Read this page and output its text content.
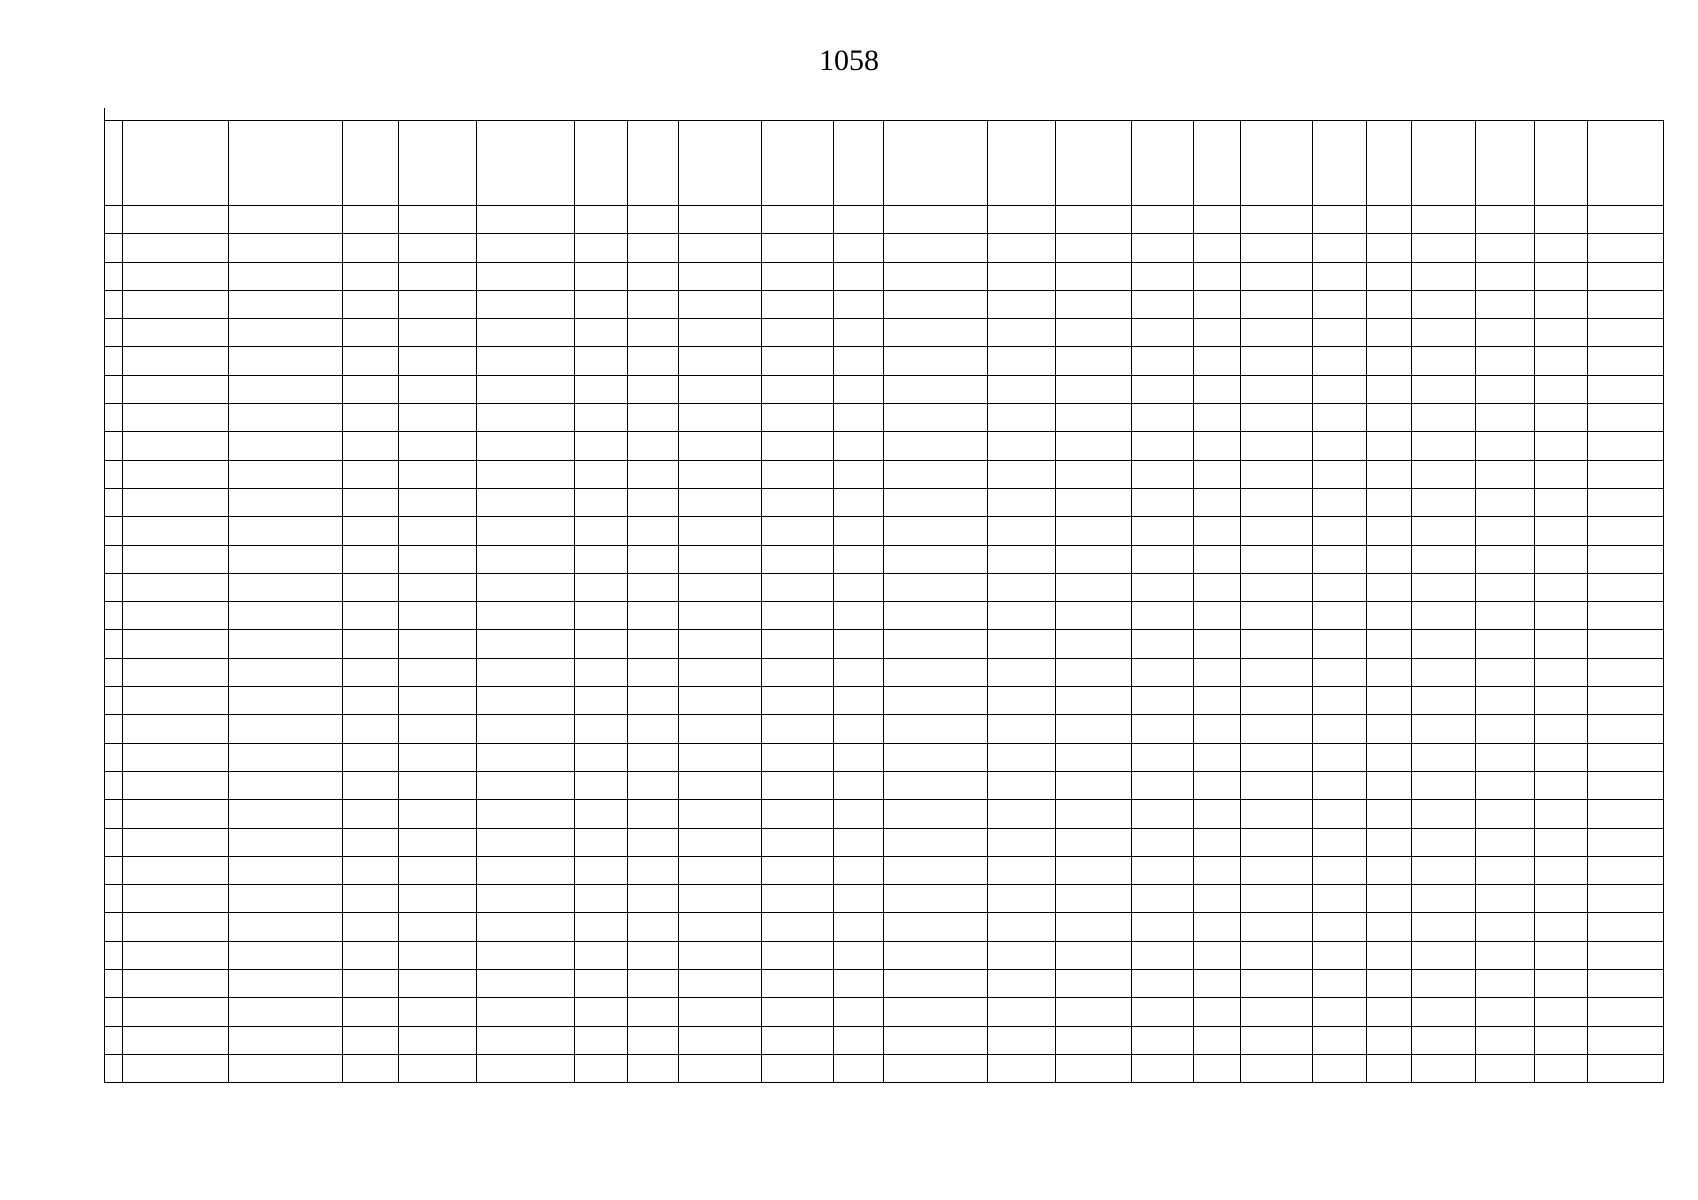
1058
